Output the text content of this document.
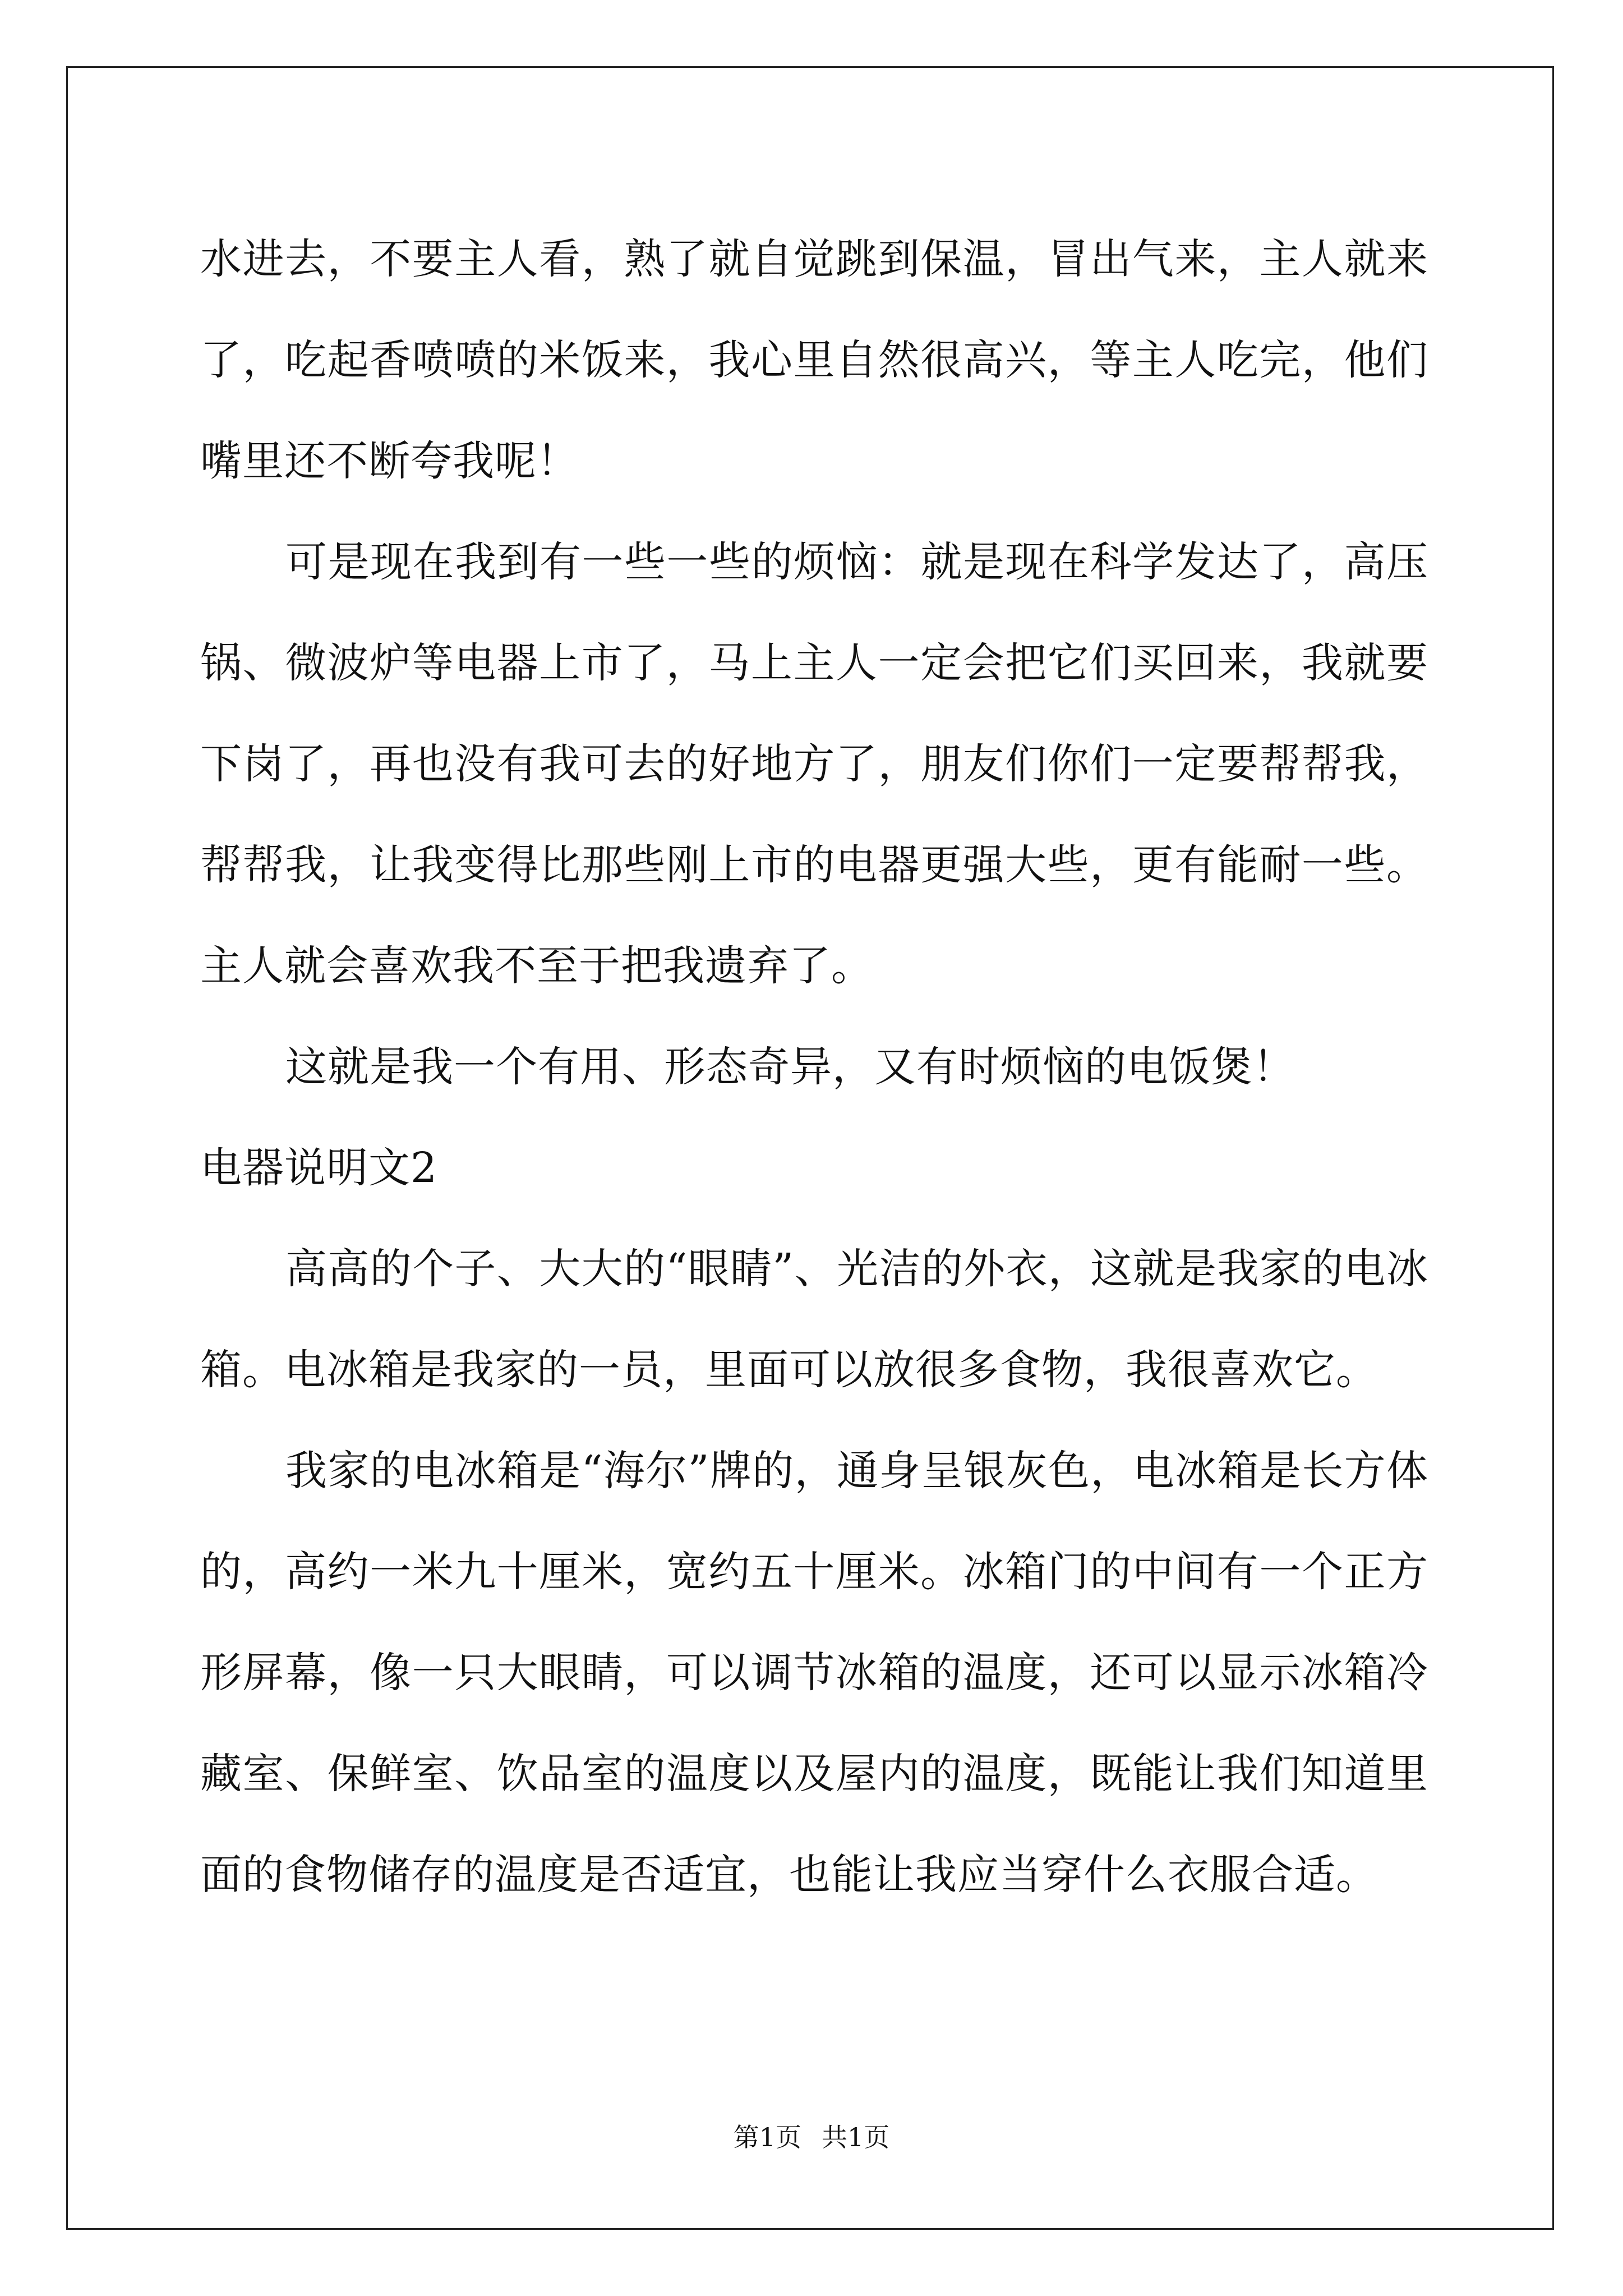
水进去，不要主人看，熟了就自觉跳到保温，冒出气来，主人就来了，吃起香喷喷的米饭来，我心里自然很高兴，等主人吃完，他们嘴里还不断夸我呢！

可是现在我到有一些一些的烦恼：就是现在科学发达了，高压锅、微波炉等电器上市了，马上主人一定会把它们买回来，我就要下岗了，再也没有我可去的好地方了，朋友们你们一定要帮帮我，帮帮我，让我变得比那些刚上市的电器更强大些，更有能耐一些。主人就会喜欢我不至于把我遗弃了。

这就是我一个有用、形态奇异，又有时烦恼的电饭煲！

电器说明文2

高高的个子、大大的“眼睛”、光洁的外衣，这就是我家的电冰箱。电冰箱是我家的一员，里面可以放很多食物，我很喜欢它。

我家的电冰箱是“海尔”牌的，通身呈银灰色，电冰箱是长方体的，高约一米九十厘米，宽约五十厘米。冰箱门的中间有一个正方形屏幕，像一只大眼睛，可以调节冰箱的温度，还可以显示冰箱冷藏室、保鲜室、饮品室的温度以及屋内的温度，既能让我们知道里面的食物储存的温度是否适宜，也能让我应当穿什么衣服合适。

第1页 共1页
